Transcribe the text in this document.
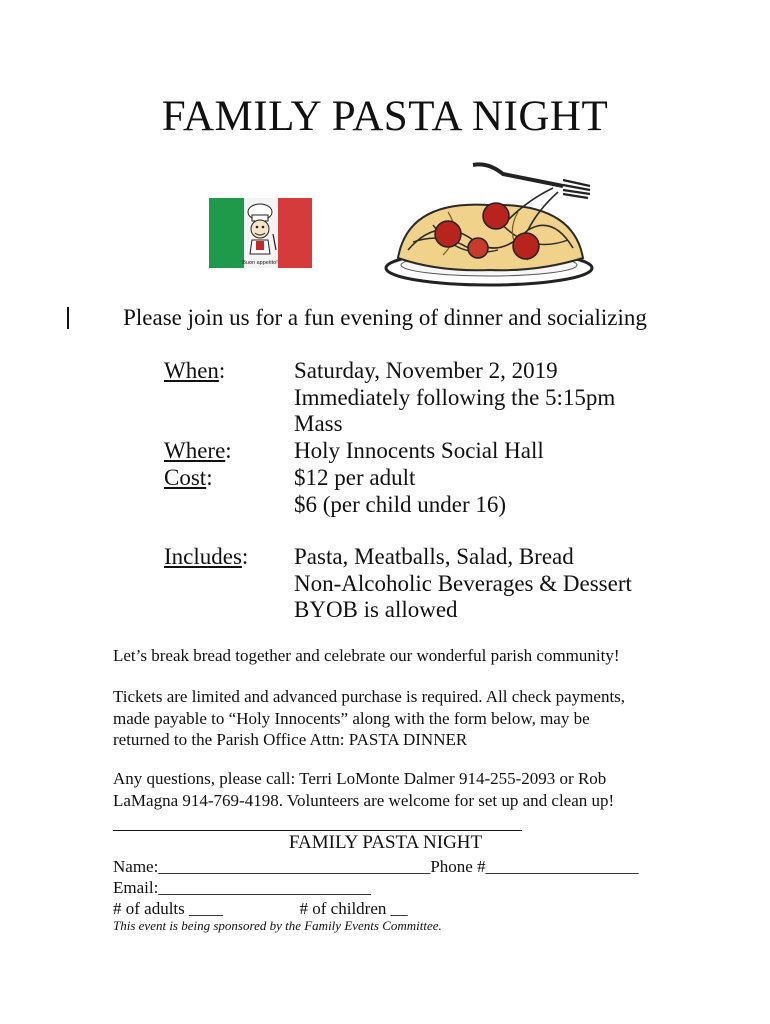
FAMILY PASTA NIGHT
Buon appetito!
Please join us for a fun evening of dinner and socializing
When:	Saturday, November 2, 2019
Immediately following the 5:15pm
Mass
Where:	Holy Innocents Social Hall
Cost:	$12 per adult
$6 (per child under 16)
Includes: Pasta, Meatballs, Salad, Bread
Non-Alcoholic Beverages & Dessert
BYOB is allowed
Let’s break bread together and celebrate our wonderful parish community!
Tickets are limited and advanced purchase is required. All check payments,
made payable to “Holy Innocents” along with the form below, may be
returned to the Parish Office Attn: PASTA DINNER
Any questions, please call: Terri LoMonte Dalmer 914-255-2093 or Rob
LaMagna 914-769-4198. Volunteers are welcome for set up and clean up!
FAMILY PASTA NIGHT
Name:________________________________Phone #__________________
Email:_________________________
# of adults ____                  # of children __
This event is being sponsored by the Family Events Committee.
